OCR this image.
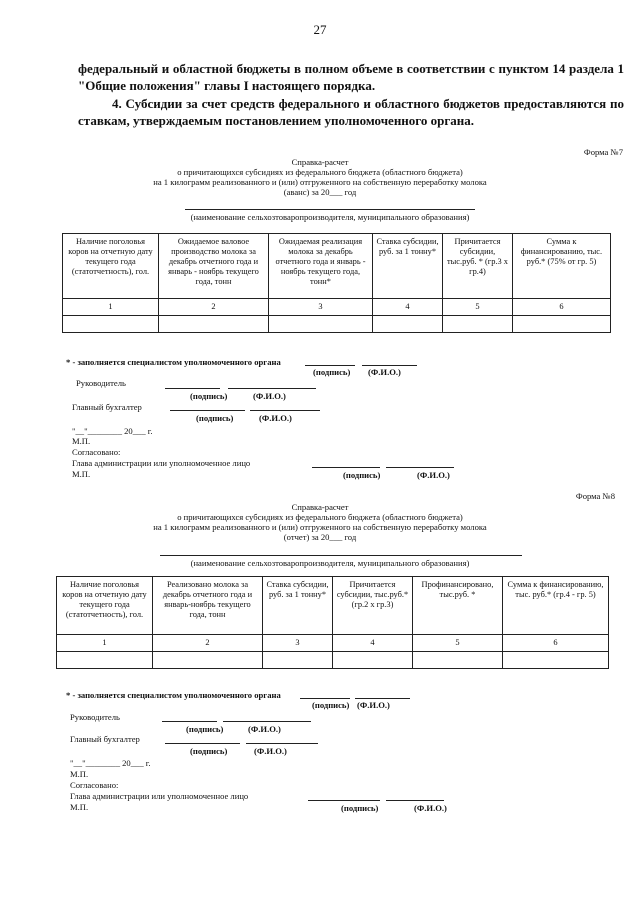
27
федеральный и областной бюджеты в полном объеме в соответствии с пунктом 14 раздела 1 "Общие положения" главы I настоящего порядка.
4. Субсидии за счет средств федерального и областного бюджетов предоставляются по ставкам, утверждаемым постановлением уполномоченного органа.
Форма №7
Справка-расчет
о причитающихся субсидиях из федерального бюджета (областного бюджета)
на 1 килограмм реализованного и (или) отгруженного на собственную переработку молока
(аванс) за 20___ год
(наименование сельхозтоваропроизводителя, муниципального образования)
Наличие поголовья коров на отчетную дату текущего года (статотчетность), гол.	Ожидаемое валовое производство молока за декабрь отчетного года и январь - ноябрь текущего года, тонн	Ожидаемая реализация молока за декабрь отчетного года и январь - ноябрь текущего года, тонн*	Ставка субсидии, руб. за 1 тонну*	Причитается субсидии, тыс.руб. * (гр.3 х гр.4)	Сумма к финансированию, тыс. руб.* (75% от гр. 5)
1	2	3	4	5	6

* - заполняется специалистом уполномоченного органа
(подпись) (Ф.И.О.)
Руководитель
(подпись)	(Ф.И.О.)
Главный бухгалтер
(подпись)	(Ф.И.О.)
"__"________ 20___ г.
М.П.
Согласовано:
Глава администрации или уполномоченное лицо
М.П.	(подпись)	(Ф.И.О.)
Форма №8
Справка-расчет
о причитающихся субсидиях из федерального бюджета (областного бюджета)
на 1 килограмм реализованного и (или) отгруженного на собственную переработку молока
(отчет) за 20___ год
(наименование сельхозтоваропроизводителя, муниципального образования)
Наличие поголовья коров на отчетную дату текущего года (статотчетность), гол.	Реализовано молока за декабрь отчетного года и январь-ноябрь текущего года, тонн	Ставка субсидии, руб. за 1 тонну*	Причитается субсидии, тыс.руб.* (гр.2 х гр.3)	Профинансировано, тыс.руб. *	Сумма к финансированию, тыс. руб.* (гр.4 - гр. 5)
1	2	3	4	5	6

* - заполняется специалистом уполномоченного органа
(подпись) (Ф.И.О.)
Руководитель
(подпись)	(Ф.И.О.)
Главный бухгалтер
(подпись)	(Ф.И.О.)
"__"________ 20___ г.
М.П.
Согласовано:
Глава администрации или уполномоченное лицо
М.П.	(подпись)	(Ф.И.О.)
